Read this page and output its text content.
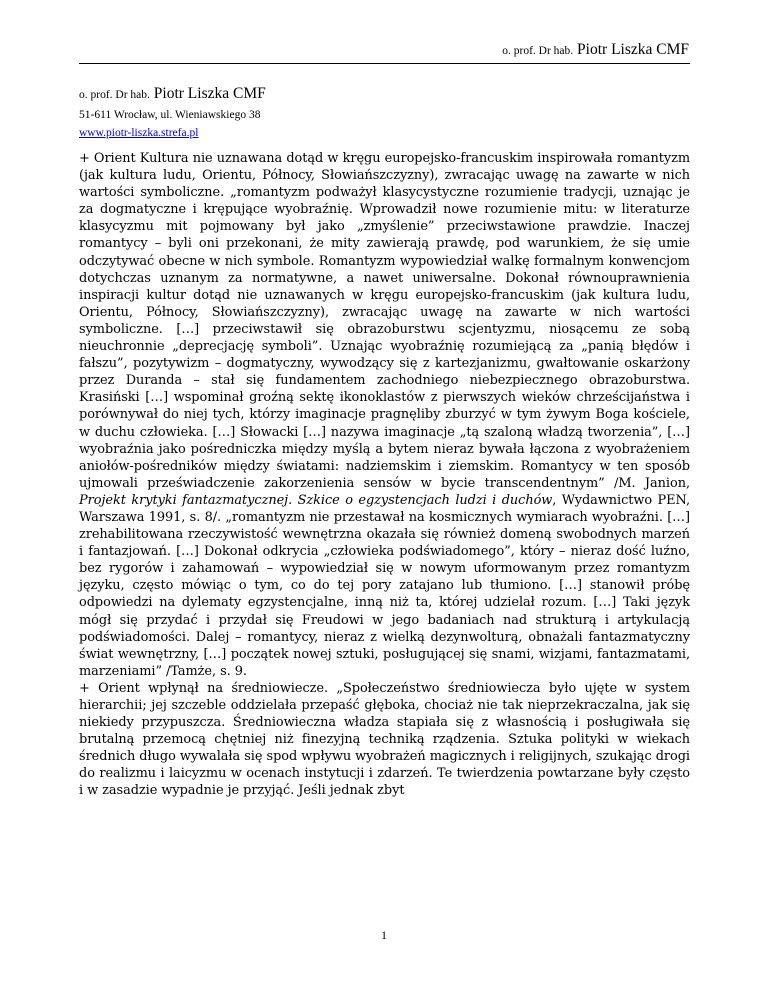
o. prof. Dr hab. Piotr Liszka CMF
o. prof. Dr hab. Piotr Liszka CMF
51-611 Wrocław, ul. Wieniawskiego 38
www.piotr-liszka.strefa.pl

+ Orient Kultura nie uznawana dotąd w kręgu europejsko-francuskim inspirowała romantyzm (jak kultura ludu, Orientu, Północy, Słowiańszczyzny), zwracając uwagę na zawarte w nich wartości symboliczne. „romantyzm podważył klasycystyczne rozumienie tradycji, uznając je za dogmatyczne i krępujące wyobraźnię. Wprowadził nowe rozumienie mitu: w literaturze klasycyzmu mit pojmowany był jako „zmyślenie” przeciwstawione prawdzie. Inaczej romantycy – byli oni przekonani, że mity zawierają prawdę, pod warunkiem, że się umie odczytywać obecne w nich symbole. Romantyzm wypowiedział walkę formalnym konwencjom dotychczas uznanym za normatywne, a nawet uniwersalne. Dokonał równouprawnienia inspiracji kultur dotąd nie uznawanych w kręgu europejsko-francuskim (jak kultura ludu, Orientu, Północy, Słowiańszczyzny), zwracając uwagę na zawarte w nich wartości symboliczne. […] przeciwstawił się obrazoburstwu scjentyzmu, niosącemu ze sobą nieuchronnie „deprecjację symboli”. Uznając wyobraźnię rozumiejącą za „panią błędów i fałszu”, pozytywizm – dogmatyczny, wywodzący się z kartezjanizmu, gwałtowanie oskarżony przez Duranda – stał się fundamentem zachodniego niebezpiecznego obrazoburstwa. Krasiński […] wspominał groźną sektę ikonoklastów z pierwszych wieków chrześcijaństwa i porównywał do niej tych, którzy imaginacje pragnęliby zburzyć w tym żywym Boga kościele, w duchu człowieka. […] Słowacki […] nazywa imaginacje „tą szaloną władzą tworzenia”, […] wyobraźnia jako pośredniczka między myślą a bytem nieraz bywała łączona z wyobrażeniem aniołów-pośredników między światami: nadziemskim i ziemskim. Romantycy w ten sposób ujmowali przeświadczenie zakorzenienia sensów w bycie transcendentnym” /M. Janion, Projekt krytyki fantazmatycznej. Szkice o egzystencjach ludzi i duchów, Wydawnictwo PEN, Warszawa 1991, s. 8/. „romantyzm nie przestawał na kosmicznych wymiarach wyobraźni. […] zrehabilitowana rzeczywistość wewnętrzna okazała się również domeną swobodnych marzeń i fantazjowań. […] Dokonał odkrycia „człowieka podświadomego”, który – nieraz dość luźno, bez rygorów i zahamowań – wypowiedział się w nowym uformowanym przez romantyzm języku, często mówiąc o tym, co do tej pory zatajano lub tłumiono. […] stanowił próbę odpowiedzi na dylematy egzystencjalne, inną niż ta, której udzielał rozum. […] Taki język mógł się przydać i przydał się Freudowi w jego badaniach nad strukturą i artykulacją podświadomości. Dalej – romantycy, nieraz z wielką dezynwolturą, obnażali fantazmatyczny świat wewnętrzny, […] początek nowej sztuki, posługującej się snami, wizjami, fantazmatami, marzeniami” /Tamże, s. 9.

+ Orient wpłynął na średniowiecze. „Społeczeństwo średniowiecza było ujęte w system hierarchii; jej szczeble oddzielała przepaść głęboka, chociaż nie tak nieprzekraczalna, jak się niekiedy przypuszcza. Średniowieczna władza stapiała się z własnością i posługiwała się brutalną przemocą chętniej niż finezyjną techniką rządzenia. Sztuka polityki w wiekach średnich długo wywalała się spod wpływu wyobrażeń magicznych i religijnych, szukając drogi do realizmu i laicyzmu w ocenach instytucji i zdarzeń. Te twierdzenia powtarzane były często i w zasadzie wypadnie je przyjąć. Jeśli jednak zbyt

1
